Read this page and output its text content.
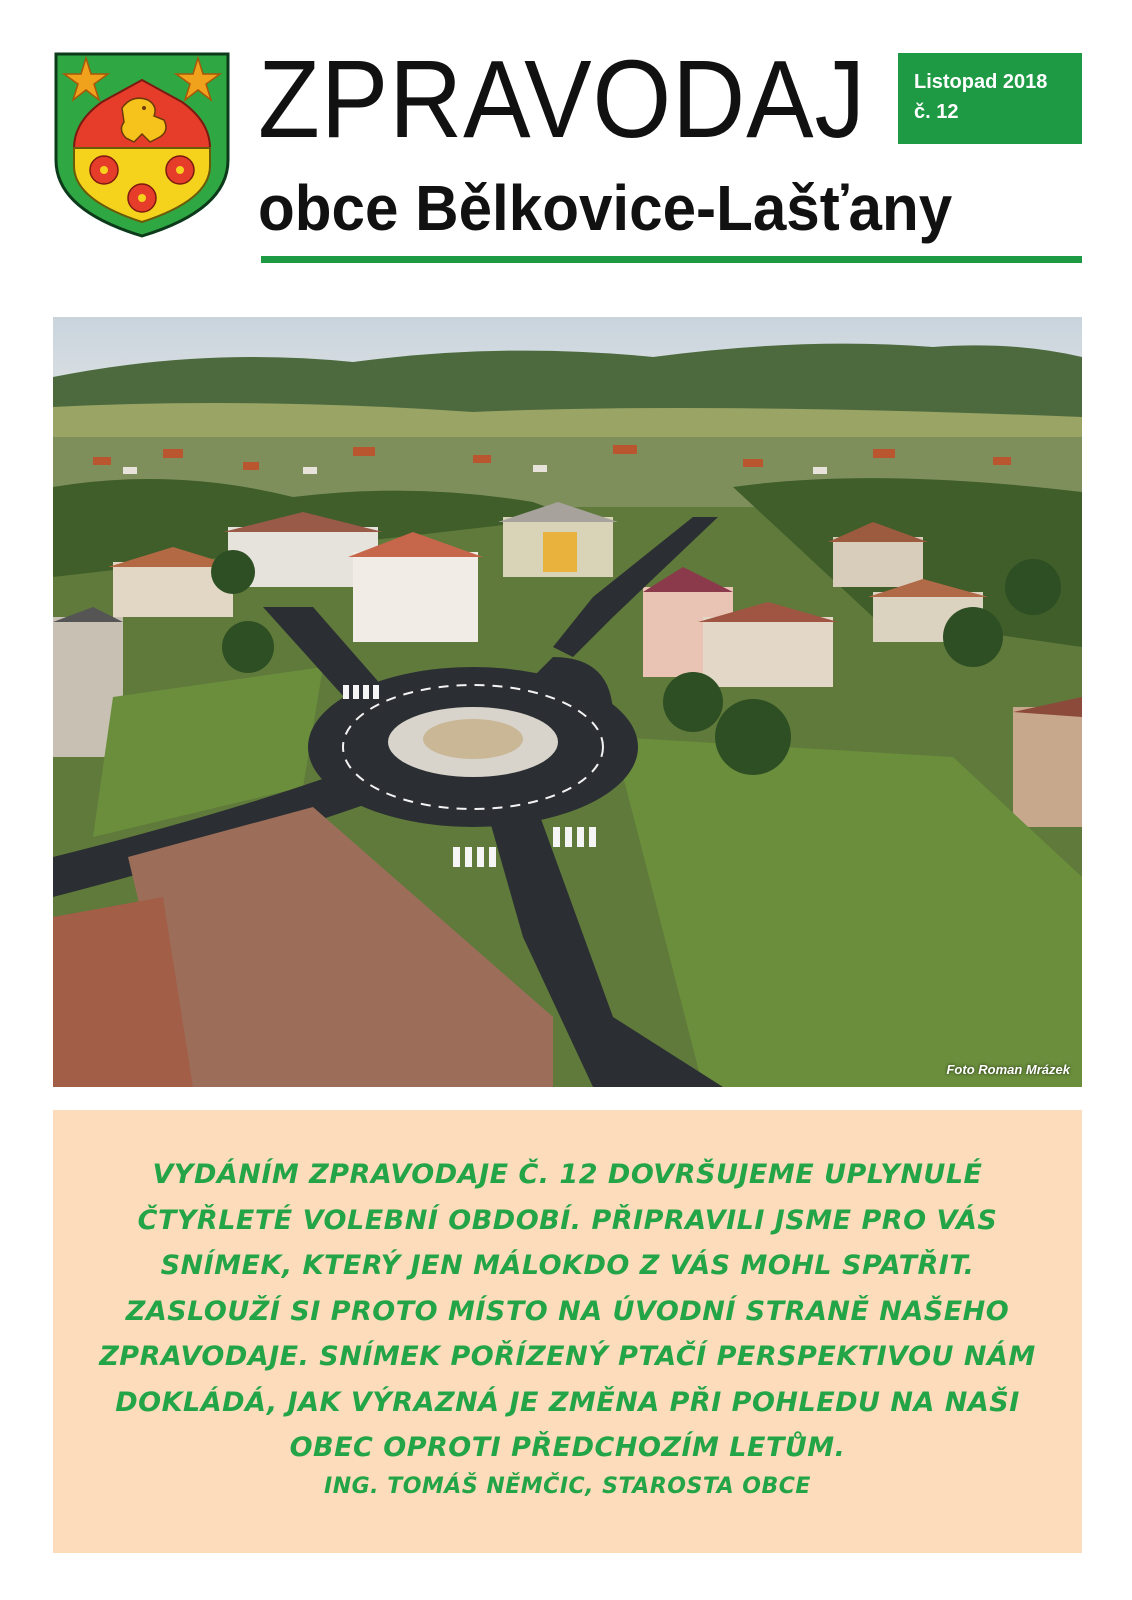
ZPRAVODAJ
obce Bělkovice-Lašťany
Listopad 2018
č. 12
Foto Roman Mrázek
VYDÁNÍM ZPRAVODAJE Č. 12 DOVRŠUJEME UPLYNULÉ ČTYŘLETÉ VOLEBNÍ OBDOBÍ. PŘIPRAVILI JSME PRO VÁS SNÍMEK, KTERÝ JEN MÁLOKDO Z VÁS MOHL SPATŘIT. ZASLOUŽÍ SI PROTO MÍSTO NA ÚVODNÍ STRANĚ NAŠEHO ZPRAVODAJE. SNÍMEK POŘÍZENÝ PTAČÍ PERSPEKTIVOU NÁM DOKLÁDÁ, JAK VÝRAZNÁ JE ZMĚNA PŘI POHLEDU NA NAŠI OBEC OPROTI PŘEDCHOZÍM LETŮM.
ING. TOMÁŠ NĚMČIC, STAROSTA OBCE
